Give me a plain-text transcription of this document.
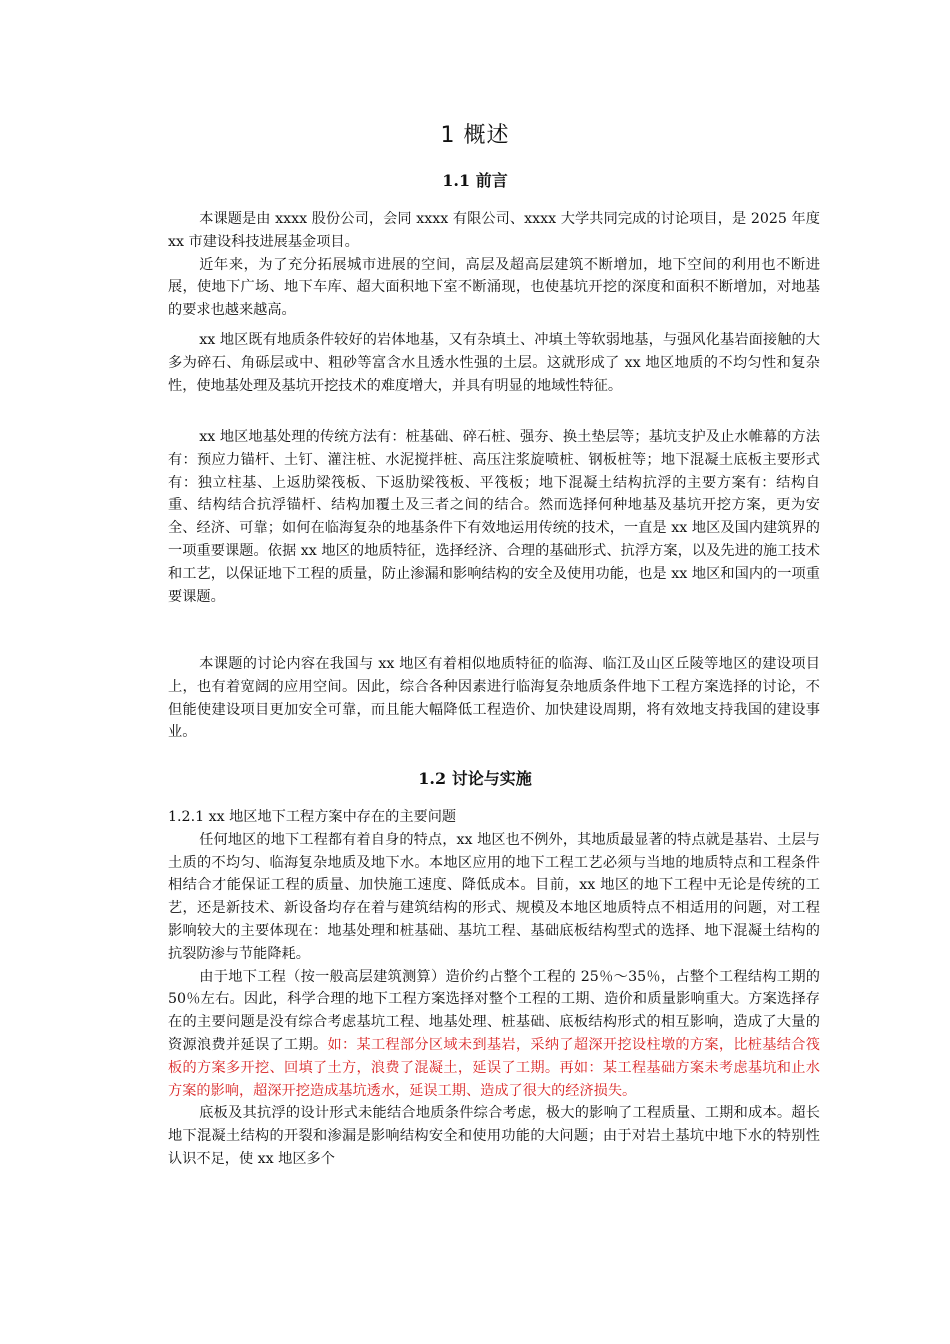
1 概述
1.1 前言

本课题是由 xxxx 股份公司，会同 xxxx 有限公司、xxxx 大学共同完成的讨论项目，是 2025 年度 xx 市建设科技进展基金项目。

近年来，为了充分拓展城市进展的空间，高层及超高层建筑不断增加，地下空间的利用也不断进展，使地下广场、地下车库、超大面积地下室不断涌现，也使基坑开挖的深度和面积不断增加，对地基的要求也越来越高。

xx 地区既有地质条件较好的岩体地基，又有杂填土、冲填土等软弱地基，与强风化基岩面接触的大多为碎石、角砾层或中、粗砂等富含水且透水性强的土层。这就形成了 xx 地区地质的不均匀性和复杂性，使地基处理及基坑开挖技术的难度增大，并具有明显的地域性特征。

xx 地区地基处理的传统方法有：桩基础、碎石桩、强夯、换土垫层等；基坑支护及止水帷幕的方法有：预应力锚杆、土钉、灌注桩、水泥搅拌桩、高压注浆旋喷桩、钢板桩等；地下混凝土底板主要形式有：独立柱基、上返肋梁筏板、下返肋梁筏板、平筏板；地下混凝土结构抗浮的主要方案有：结构自重、结构结合抗浮锚杆、结构加覆土及三者之间的结合。然而选择何种地基及基坑开挖方案，更为安全、经济、可靠；如何在临海复杂的地基条件下有效地运用传统的技术，一直是 xx 地区及国内建筑界的一项重要课题。依据 xx 地区的地质特征，选择经济、合理的基础形式、抗浮方案，以及先进的施工技术和工艺，以保证地下工程的质量，防止渗漏和影响结构的安全及使用功能，也是 xx 地区和国内的一项重要课题。

本课题的讨论内容在我国与 xx 地区有着相似地质特征的临海、临江及山区丘陵等地区的建设项目上，也有着宽阔的应用空间。因此，综合各种因素进行临海复杂地质条件地下工程方案选择的讨论，不但能使建设项目更加安全可靠，而且能大幅降低工程造价、加快建设周期，将有效地支持我国的建设事业。

1.2 讨论与实施

1.2.1 xx 地区地下工程方案中存在的主要问题

任何地区的地下工程都有着自身的特点，xx 地区也不例外，其地质最显著的特点就是基岩、土层与土质的不均匀、临海复杂地质及地下水。本地区应用的地下工程工艺必须与当地的地质特点和工程条件相结合才能保证工程的质量、加快施工速度、降低成本。目前，xx 地区的地下工程中无论是传统的工艺，还是新技术、新设备均存在着与建筑结构的形式、规模及本地区地质特点不相适用的问题，对工程影响较大的主要体现在：地基处理和桩基础、基坑工程、基础底板结构型式的选择、地下混凝土结构的抗裂防渗与节能降耗。

由于地下工程（按一般高层建筑测算）造价约占整个工程的 25％～35％，占整个工程结构工期的 50％左右。因此，科学合理的地下工程方案选择对整个工程的工期、造价和质量影响重大。方案选择存在的主要问题是没有综合考虑基坑工程、地基处理、桩基础、底板结构形式的相互影响，造成了大量的资源浪费并延误了工期。如：某工程部分区域未到基岩，采纳了超深开挖设柱墩的方案，比桩基结合筏板的方案多开挖、回填了土方，浪费了混凝土，延误了工期。再如：某工程基础方案未考虑基坑和止水方案的影响，超深开挖造成基坑透水，延误工期、造成了很大的经济损失。

底板及其抗浮的设计形式未能结合地质条件综合考虑，极大的影响了工程质量、工期和成本。超长地下混凝土结构的开裂和渗漏是影响结构安全和使用功能的大问题；由于对岩土基坑中地下水的特别性认识不足，使 xx 地区多个
